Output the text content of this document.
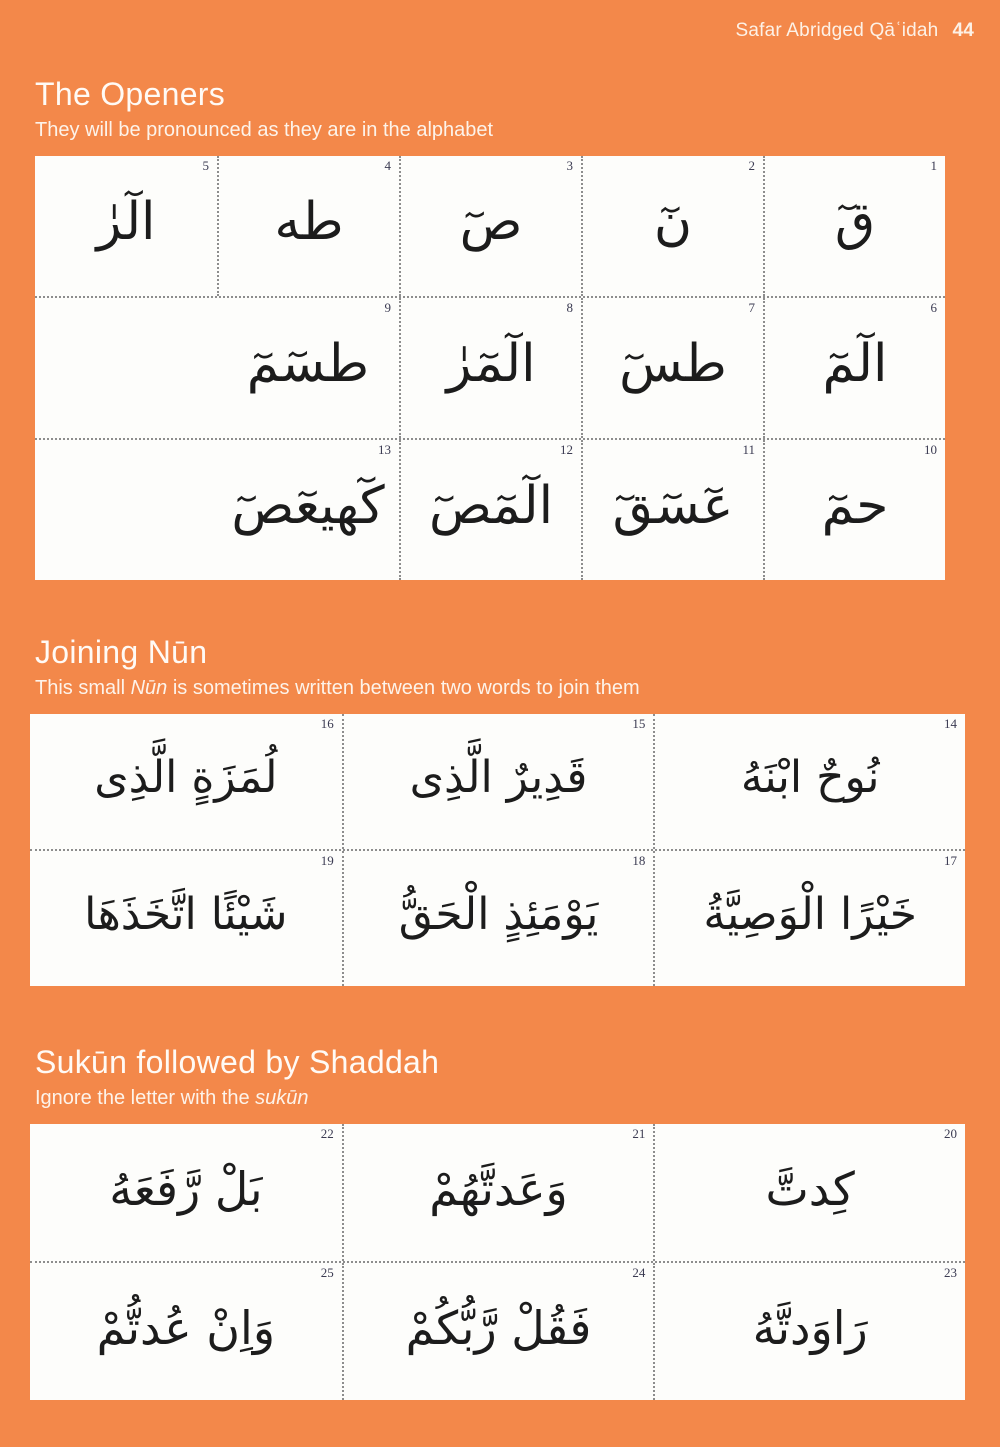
Safar Abridged Qāʿidah 44
The Openers

They will be pronounced as they are in the alphabet

1
قٓ
2
نٓ
3
صٓ
4
طه
5
الٓرٰ
6
الٓمٓ
7
طسٓ
8
الٓمٓرٰ
9
طسٓمٓ
10
حمٓ
11
عٓسٓقٓ
12
الٓمٓصٓ
13
كٓهيعٓصٓ
Joining Nūn

This small Nūn is sometimes written between two words to join them

14
نُوحٌ ابْنَهُ
15
قَدِيرٌ الَّذِى
16
لُمَزَةٍ الَّذِى
17
خَيْرًا الْوَصِيَّةُ
18
يَوْمَئِذٍ الْحَقُّ
19
شَيْئًا اتَّخَذَهَا
Sukūn followed by Shaddah

Ignore the letter with the sukūn

20
كِدتَّ
21
وَعَدتَّهُمْ
22
بَلْ رَّفَعَهُ
23
رَاوَدتَّهُ
24
فَقُلْ رَّبُّكُمْ
25
وَاِنْ عُدتُّمْ
